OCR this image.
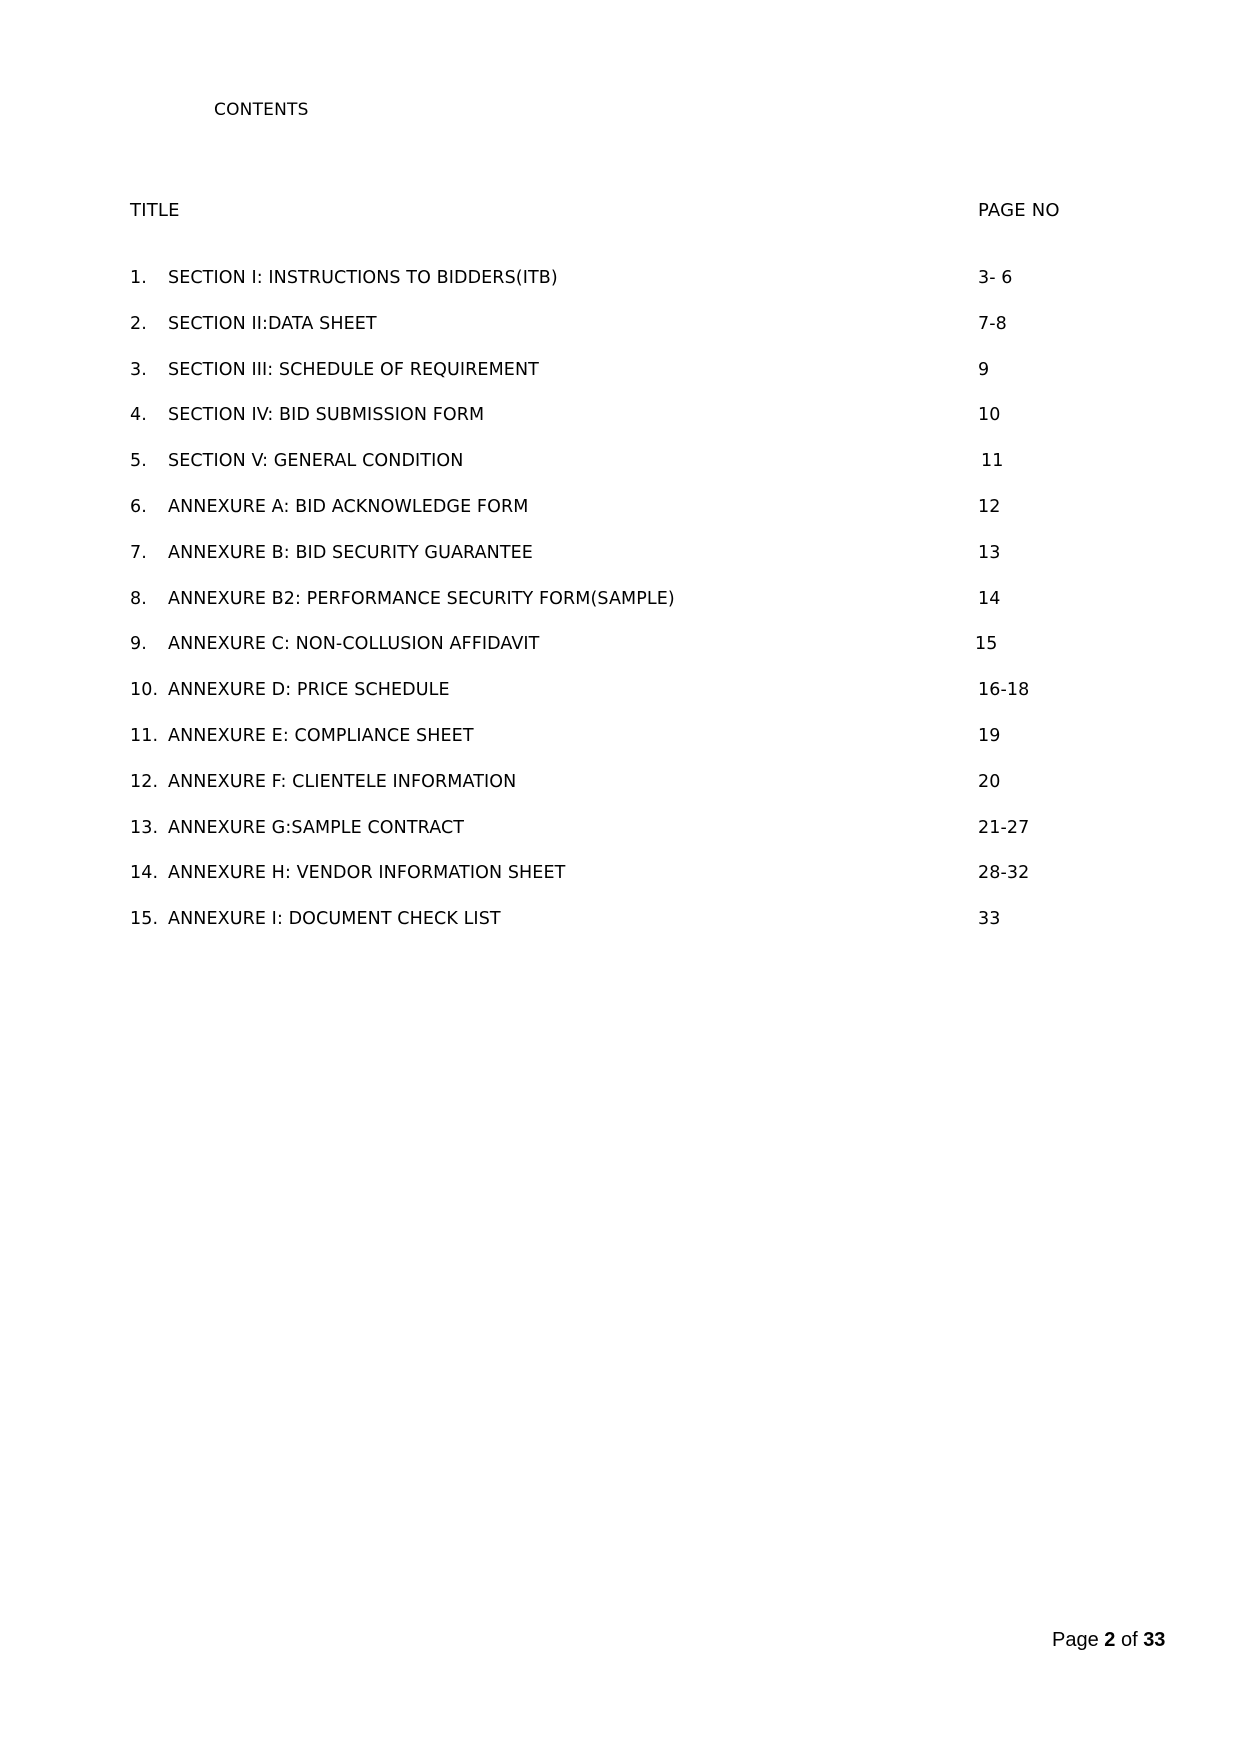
CONTENTS
TITLE	PAGE NO
1.	SECTION I: INSTRUCTIONS TO BIDDERS(ITB)	3- 6
2.	SECTION II:DATA SHEET	7-8
3.	SECTION III: SCHEDULE OF REQUIREMENT	9
4.	SECTION IV: BID SUBMISSION FORM	10
5.	SECTION V: GENERAL CONDITION	11
6.	ANNEXURE A: BID ACKNOWLEDGE FORM	12
7.	ANNEXURE B: BID SECURITY GUARANTEE	13
8.	ANNEXURE B2: PERFORMANCE SECURITY FORM(SAMPLE)	14
9.	ANNEXURE C: NON-COLLUSION AFFIDAVIT	15
10. ANNEXURE D: PRICE SCHEDULE	16-18
11. ANNEXURE E: COMPLIANCE SHEET	19
12. ANNEXURE F: CLIENTELE INFORMATION	20
13. ANNEXURE G:SAMPLE CONTRACT	21-27
14. ANNEXURE H: VENDOR INFORMATION SHEET	28-32
15. ANNEXURE I: DOCUMENT CHECK LIST	33
Page 2 of 33
